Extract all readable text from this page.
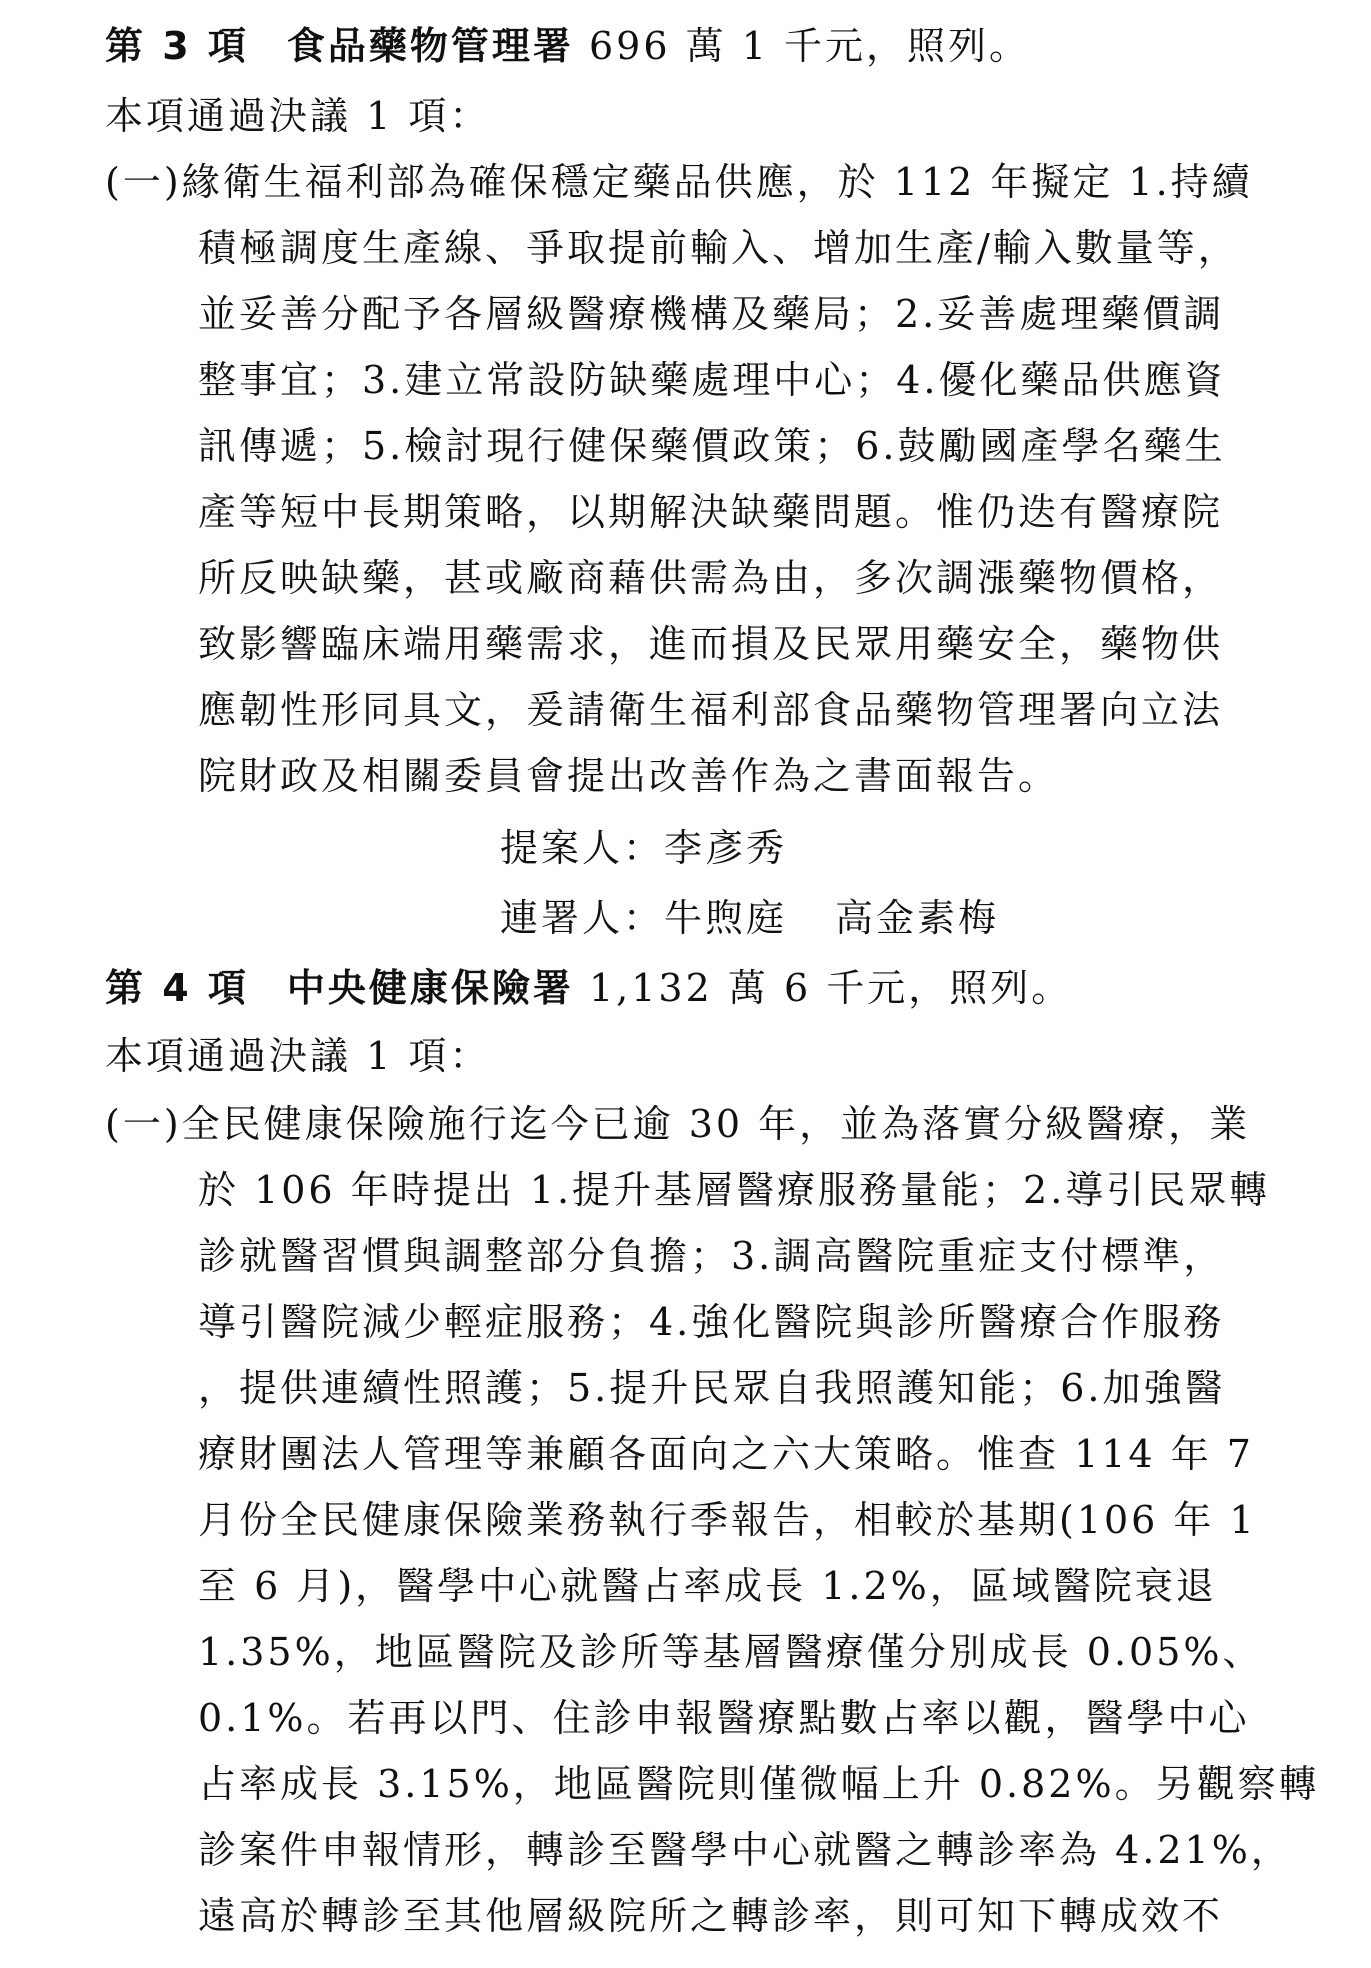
第 3 項 食品藥物管理署 696 萬 1 千元，照列。
本項通過決議 1 項：
(一)緣衛生福利部為確保穩定藥品供應，於 112 年擬定 1.持續
積極調度生產線、爭取提前輸入、增加生產/輸入數量等，
並妥善分配予各層級醫療機構及藥局；2.妥善處理藥價調
整事宜；3.建立常設防缺藥處理中心；4.優化藥品供應資
訊傳遞；5.檢討現行健保藥價政策；6.鼓勵國產學名藥生
產等短中長期策略，以期解決缺藥問題。惟仍迭有醫療院
所反映缺藥，甚或廠商藉供需為由，多次調漲藥物價格，
致影響臨床端用藥需求，進而損及民眾用藥安全，藥物供
應韌性形同具文，爰請衛生福利部食品藥物管理署向立法
院財政及相關委員會提出改善作為之書面報告。
提案人：李彥秀
連署人：牛煦庭 高金素梅
第 4 項 中央健康保險署 1,132 萬 6 千元，照列。
本項通過決議 1 項：
(一)全民健康保險施行迄今已逾 30 年，並為落實分級醫療，業
於 106 年時提出 1.提升基層醫療服務量能；2.導引民眾轉
診就醫習慣與調整部分負擔；3.調高醫院重症支付標準，
導引醫院減少輕症服務；4.強化醫院與診所醫療合作服務
，提供連續性照護；5.提升民眾自我照護知能；6.加強醫
療財團法人管理等兼顧各面向之六大策略。惟查 114 年 7
月份全民健康保險業務執行季報告，相較於基期(106 年 1
至 6 月)，醫學中心就醫占率成長 1.2%，區域醫院衰退
1.35%，地區醫院及診所等基層醫療僅分別成長 0.05%、
0.1%。若再以門、住診申報醫療點數占率以觀，醫學中心
占率成長 3.15%，地區醫院則僅微幅上升 0.82%。另觀察轉
診案件申報情形，轉診至醫學中心就醫之轉診率為 4.21%，
遠高於轉診至其他層級院所之轉診率，則可知下轉成效不
